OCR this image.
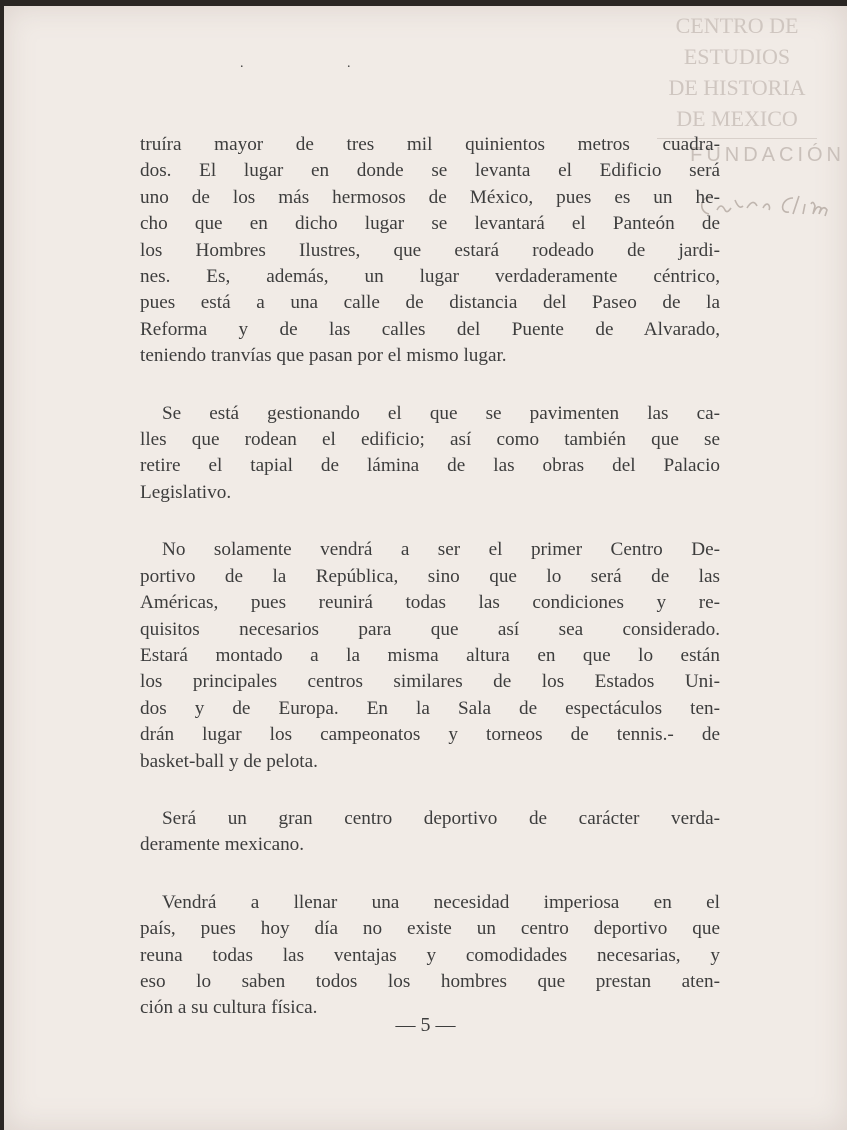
. .
CENTRO DE
ESTUDIOS
DE HISTORIA
DE MEXICO
FUNDACIÓN

truíra mayor de tres mil quinientos metros cuadra-
dos. El lugar en donde se levanta el Edificio será
uno de los más hermosos de México, pues es un he-
cho que en dicho lugar se levantará el Panteón de
los Hombres Ilustres, que estará rodeado de jardi-
nes. Es, además, un lugar verdaderamente céntrico,
pues está a una calle de distancia del Paseo de la
Reforma y de las calles del Puente de Alvarado,
teniendo tranvías que pasan por el mismo lugar.

Se está gestionando el que se pavimenten las ca-
lles que rodean el edificio; así como también que se
retire el tapial de lámina de las obras del Palacio
Legislativo.

No solamente vendrá a ser el primer Centro De-
portivo de la República, sino que lo será de las
Américas, pues reunirá todas las condiciones y re-
quisitos necesarios para que así sea considerado.
Estará montado a la misma altura en que lo están
los principales centros similares de los Estados Uni-
dos y de Europa. En la Sala de espectáculos ten-
drán lugar los campeonatos y torneos de tennis.- de
basket-ball y de pelota.

Será un gran centro deportivo de carácter verda-
deramente mexicano.

Vendrá a llenar una necesidad imperiosa en el
país, pues hoy día no existe un centro deportivo que
reuna todas las ventajas y comodidades necesarias, y
eso lo saben todos los hombres que prestan aten-
ción a su cultura física.

— 5 —
